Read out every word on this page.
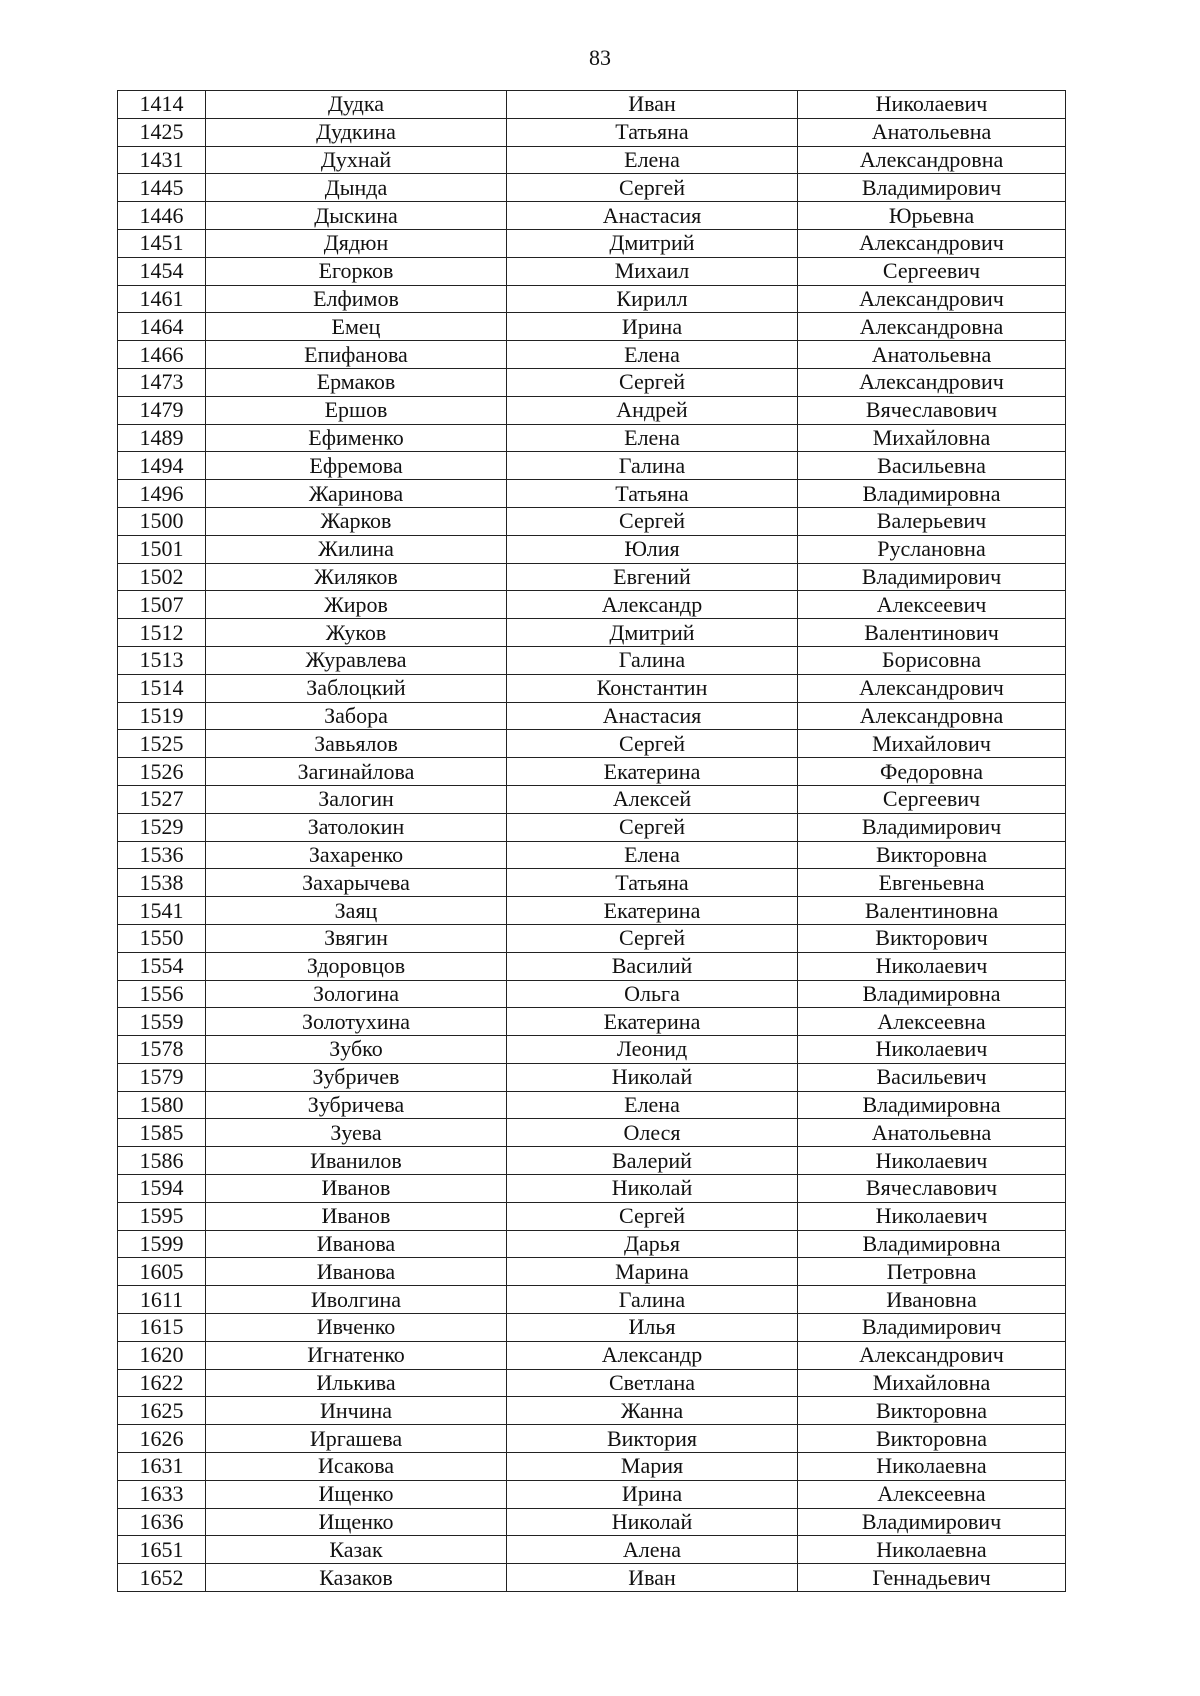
83
1414	Дудка	Иван	Николаевич
1425	Дудкина	Татьяна	Анатольевна
1431	Духнай	Елена	Александровна
1445	Дында	Сергей	Владимирович
1446	Дыскина	Анастасия	Юрьевна
1451	Дядюн	Дмитрий	Александрович
1454	Егорков	Михаил	Сергеевич
1461	Елфимов	Кирилл	Александрович
1464	Емец	Ирина	Александровна
1466	Епифанова	Елена	Анатольевна
1473	Ермаков	Сергей	Александрович
1479	Ершов	Андрей	Вячеславович
1489	Ефименко	Елена	Михайловна
1494	Ефремова	Галина	Васильевна
1496	Жаринова	Татьяна	Владимировна
1500	Жарков	Сергей	Валерьевич
1501	Жилина	Юлия	Руслановна
1502	Жиляков	Евгений	Владимирович
1507	Жиров	Александр	Алексеевич
1512	Жуков	Дмитрий	Валентинович
1513	Журавлева	Галина	Борисовна
1514	Заблоцкий	Константин	Александрович
1519	Забора	Анастасия	Александровна
1525	Завьялов	Сергей	Михайлович
1526	Загинайлова	Екатерина	Федоровна
1527	Залогин	Алексей	Сергеевич
1529	Затолокин	Сергей	Владимирович
1536	Захаренко	Елена	Викторовна
1538	Захарычева	Татьяна	Евгеньевна
1541	Заяц	Екатерина	Валентиновна
1550	Звягин	Сергей	Викторович
1554	Здоровцов	Василий	Николаевич
1556	Зологина	Ольга	Владимировна
1559	Золотухина	Екатерина	Алексеевна
1578	Зубко	Леонид	Николаевич
1579	Зубричев	Николай	Васильевич
1580	Зубричева	Елена	Владимировна
1585	Зуева	Олеся	Анатольевна
1586	Иванилов	Валерий	Николаевич
1594	Иванов	Николай	Вячеславович
1595	Иванов	Сергей	Николаевич
1599	Иванова	Дарья	Владимировна
1605	Иванова	Марина	Петровна
1611	Иволгина	Галина	Ивановна
1615	Ивченко	Илья	Владимирович
1620	Игнатенко	Александр	Александрович
1622	Илькива	Светлана	Михайловна
1625	Инчина	Жанна	Викторовна
1626	Иргашева	Виктория	Викторовна
1631	Исакова	Мария	Николаевна
1633	Ищенко	Ирина	Алексеевна
1636	Ищенко	Николай	Владимирович
1651	Казак	Алена	Николаевна
1652	Казаков	Иван	Геннадьевич
